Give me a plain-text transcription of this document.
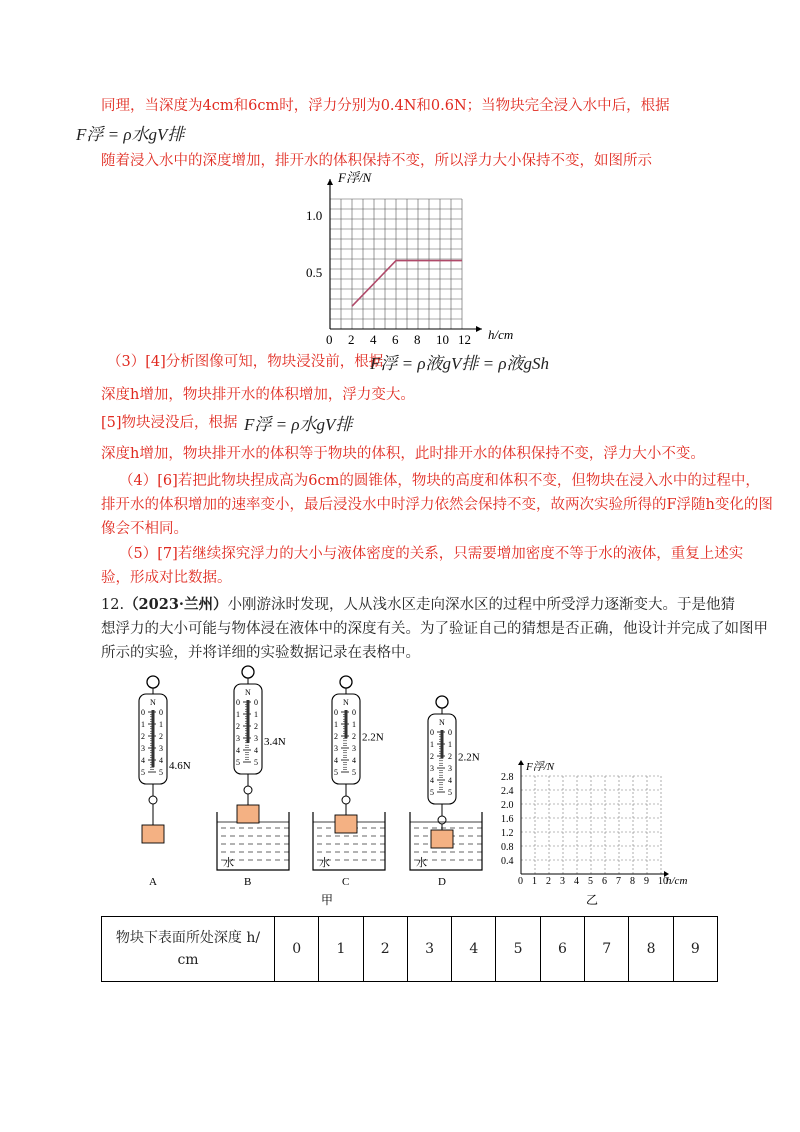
同理，当深度为4cm和6cm时，浮力分别为0.4N和0.6N；当物块完全浸入水中后，根据
F浮 = ρ水gV排
随着浸入水中的深度增加，排开水的体积保持不变，所以浮力大小保持不变，如图所示
0 2 4 6 8 10 12
0.5
1.0
F浮/N
h/cm
（3）[4]分析图像可知，物块浸没前，根据
F浮 = ρ液gV排 = ρ液gSh
深度h增加，物块排开水的体积增加，浮力变大。
[5]物块浸没后，根据 F浮 = ρ水gV排
深度h增加，物块排开水的体积等于物块的体积，此时排开水的体积保持不变，浮力大小不变。
（4）[6]若把此物块捏成高为6cm的圆锥体，物块的高度和体积不变，但物块在浸入水中的过程中，
排开水的体积增加的速率变小，最后浸没水中时浮力依然会保持不变，故两次实验所得的F浮随h变化的图
像会不相同。
（5）[7]若继续探究浮力的大小与液体密度的关系，只需要增加密度不等于水的液体，重复上述实
验，形成对比数据。
12.（2023·兰州）小刚游泳时发现，人从浅水区走向深水区的过程中所受浮力逐渐变大。于是他猜
想浮力的大小可能与物体浸在液体中的深度有关。为了验证自己的猜想是否正确，他设计并完成了如图甲
所示的实验，并将详细的实验数据记录在表格中。
N
0 0
1 1
2 2
3 3
4 4
5 5
4.6N
A
N
0 0
1 1
2 2
3 3
4 4
5 5
3.4N
水
B
N
0 0
1 1
2 2
3 3
4 4
5 5
2.2N
水
C
N
0 0
1 1
2 2
3 3
4 4
5 5
2.2N
水
D
甲
0 1 2 3 4 5 6 7 8 9 10
0.4
0.8
1.2
1.6
2.0
2.4
2.8
F浮/N
h/cm
乙
物块下表面所处深度 h/
cm
	0	1	2	3	4	5	6	7	8	9
